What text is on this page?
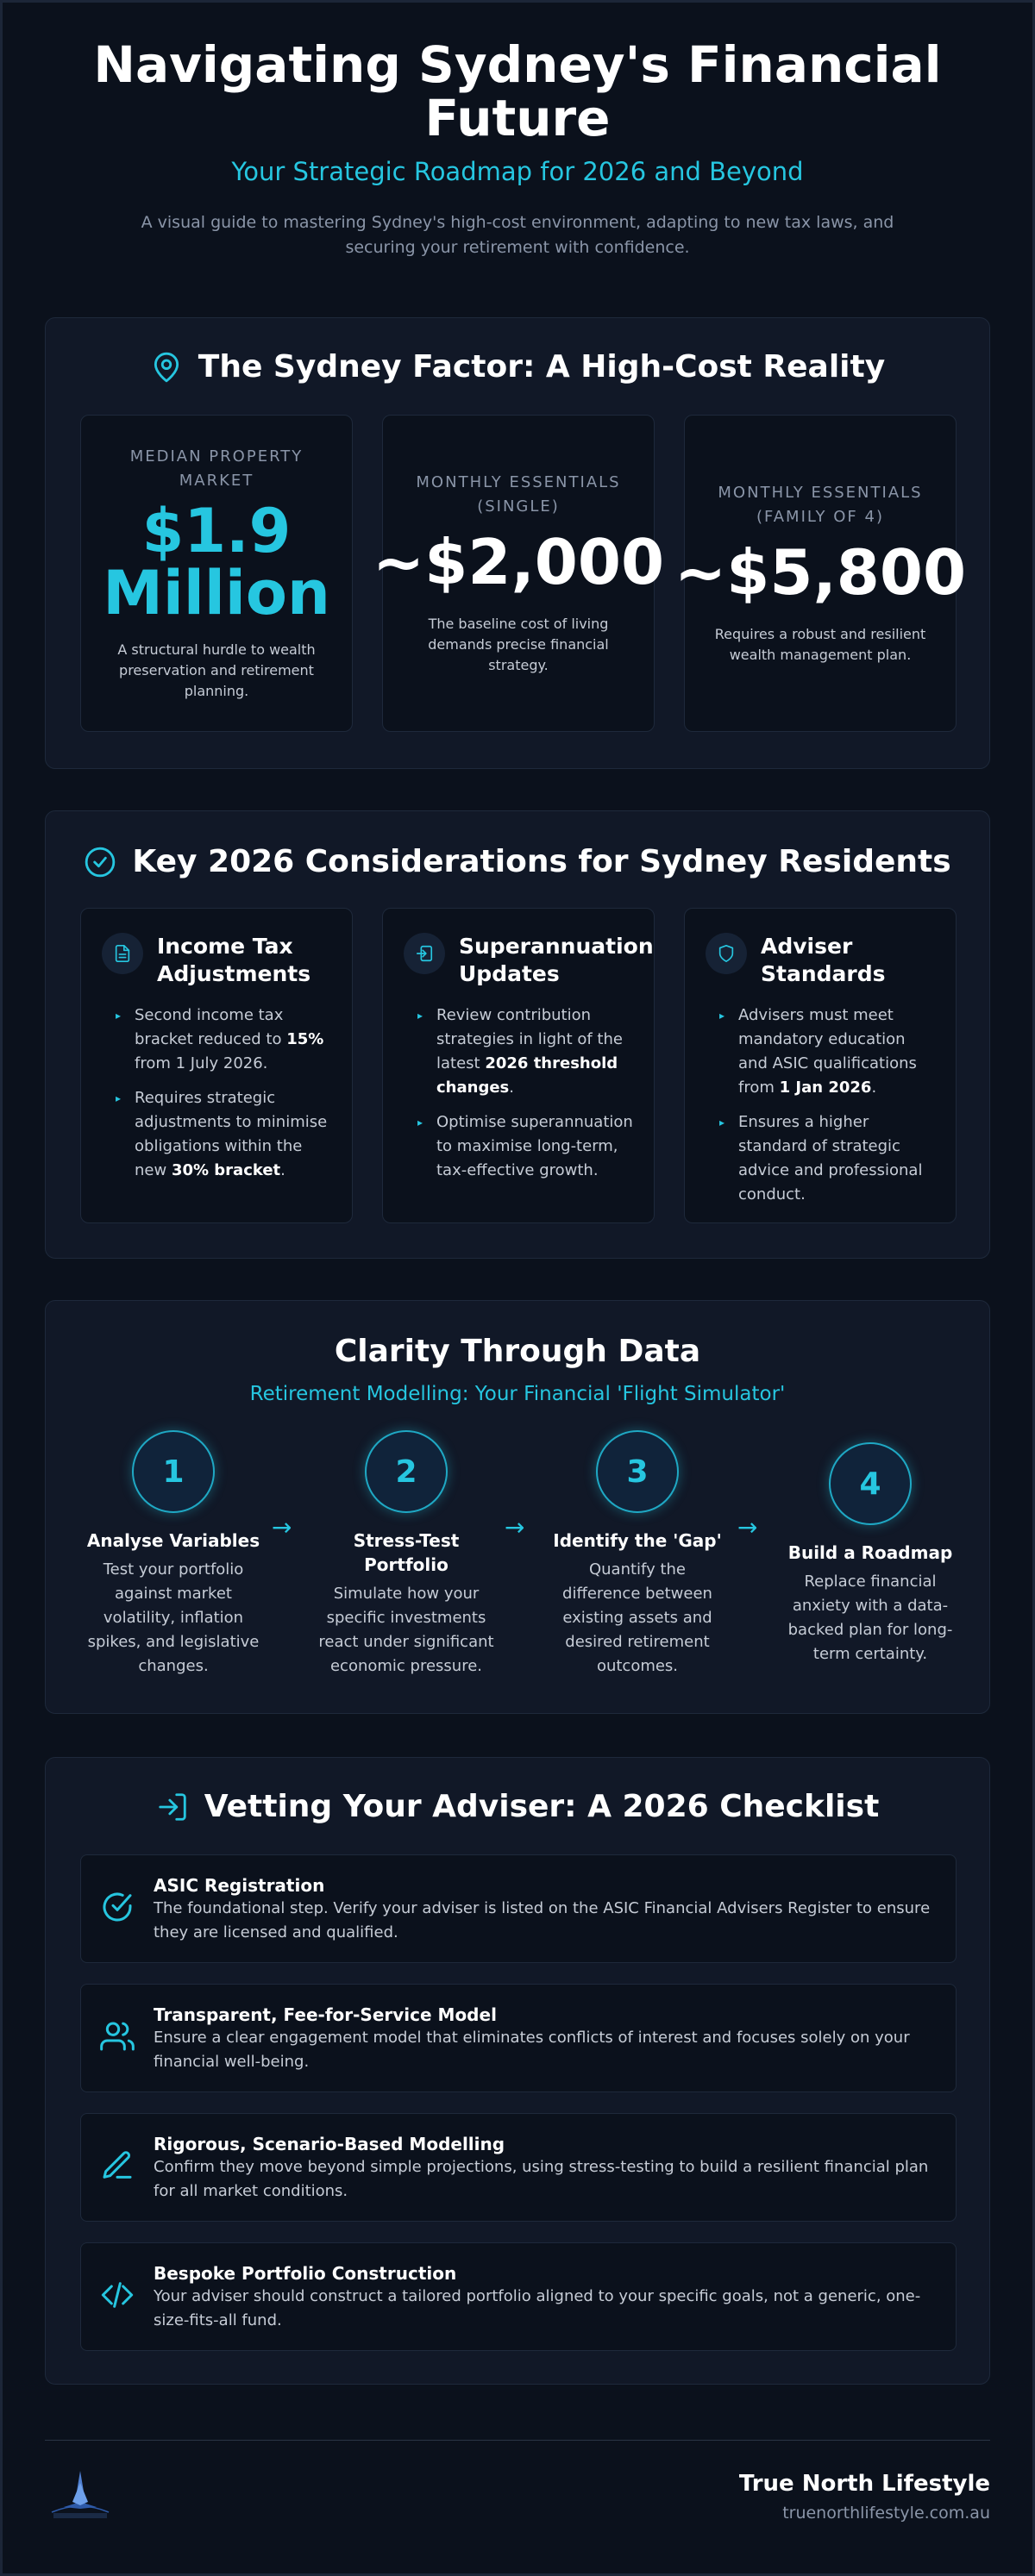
Navigating Sydney's Financial Future
Your Strategic Roadmap for 2026 and Beyond

A visual guide to mastering Sydney's high-cost environment, adapting to new tax laws, and securing your retirement with confidence.

The Sydney Factor: A High-Cost Reality
MEDIAN PROPERTY MARKET
$1.9 Million
A structural hurdle to wealth preservation and retirement planning.
MONTHLY ESSENTIALS (SINGLE)
~$2,000
The baseline cost of living demands precise financial strategy.
MONTHLY ESSENTIALS (FAMILY OF 4)
~$5,800
Requires a robust and resilient wealth management plan.
Key 2026 Considerations for Sydney Residents
Income Tax Adjustments
▸ Second income tax bracket reduced to 15% from 1 July 2026.
▸ Requires strategic adjustments to minimise obligations within the new 30% bracket.
Superannuation Updates
▸ Review contribution strategies in light of the latest 2026 threshold changes.
▸ Optimise superannuation to maximise long-term, tax-effective growth.
Adviser Standards
▸ Advisers must meet mandatory education and ASIC qualifications from 1 Jan 2026.
▸ Ensures a higher standard of strategic advice and professional conduct.
Clarity Through Data
Retirement Modelling: Your Financial 'Flight Simulator'
1
Analyse Variables

Test your portfolio against market volatility, inflation spikes, and legislative changes.

→
2
Stress-Test Portfolio

Simulate how your specific investments react under significant economic pressure.

→
3
Identify the 'Gap'

Quantify the difference between existing assets and desired retirement outcomes.

→
4
Build a Roadmap

Replace financial anxiety with a data-backed plan for long-term certainty.

Vetting Your Adviser: A 2026 Checklist
ASIC Registration

The foundational step. Verify your adviser is listed on the ASIC Financial Advisers Register to ensure they are licensed and qualified.

Transparent, Fee-for-Service Model

Ensure a clear engagement model that eliminates conflicts of interest and focuses solely on your financial well-being.

Rigorous, Scenario-Based Modelling

Confirm they move beyond simple projections, using stress-testing to build a resilient financial plan for all market conditions.

Bespoke Portfolio Construction

Your adviser should construct a tailored portfolio aligned to your specific goals, not a generic, one-size-fits-all fund.

True North Lifestyle
truenorthlifestyle.com.au
